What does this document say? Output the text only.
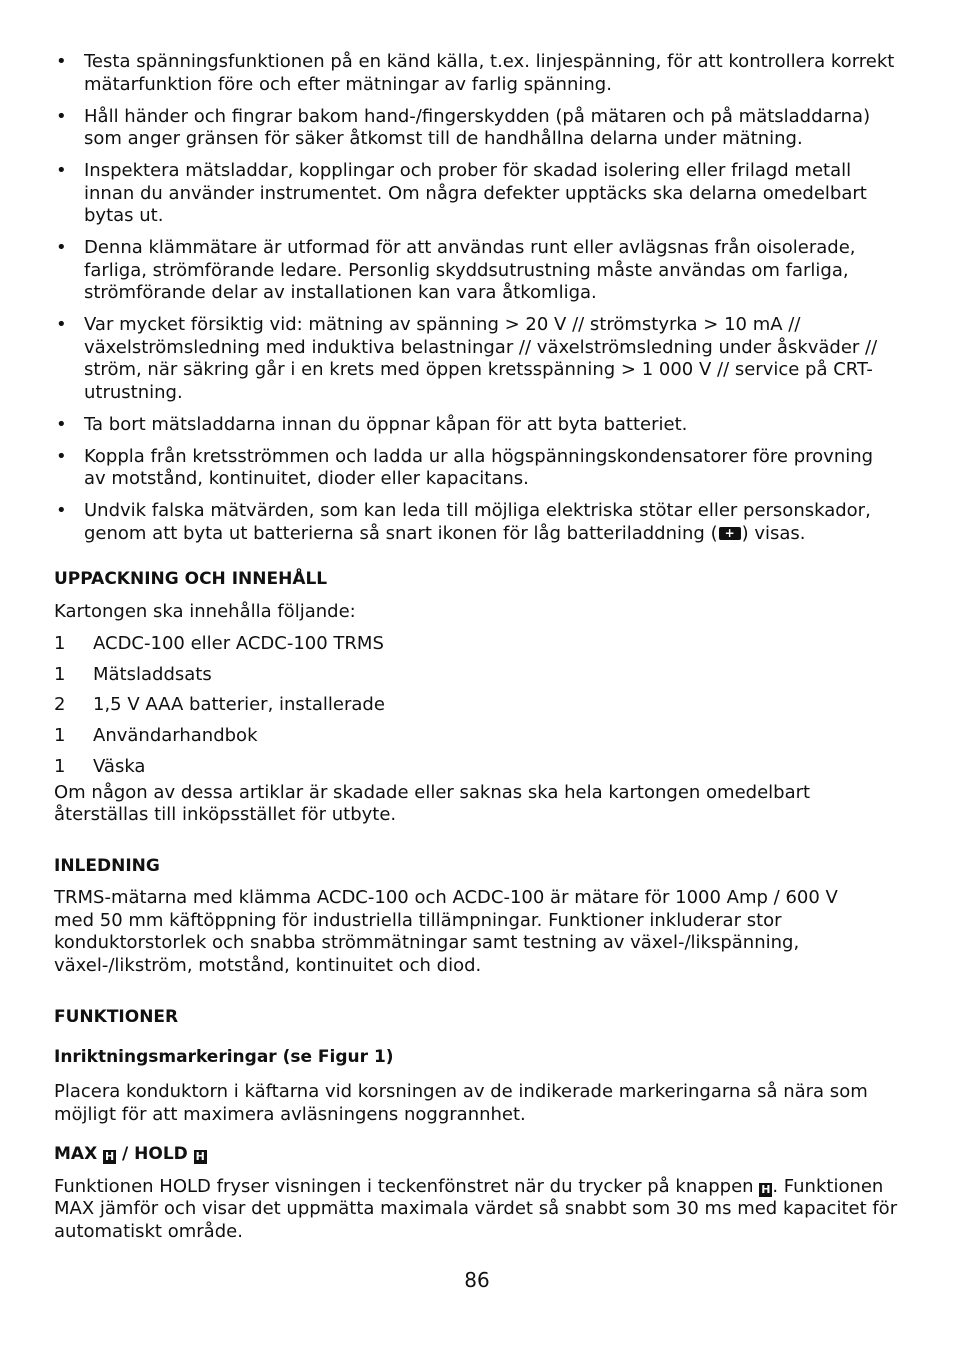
• Testa spänningsfunktionen på en känd källa, t.ex. linjespänning, för att kontrollera korrekt mätarfunktion före och efter mätningar av farlig spänning.
• Håll händer och fingrar bakom hand-/fingerskydden (på mätaren och på mätsladdarna) som anger gränsen för säker åtkomst till de handhållna delarna under mätning.
• Inspektera mätsladdar, kopplingar och prober för skadad isolering eller frilagd metall innan du använder instrumentet. Om några defekter upptäcks ska delarna omedelbart bytas ut.
• Denna klämmätare är utformad för att användas runt eller avlägsnas från oisolerade, farliga, strömförande ledare. Personlig skyddsutrustning måste användas om farliga, strömförande delar av installationen kan vara åtkomliga.
• Var mycket försiktig vid: mätning av spänning > 20 V // strömstyrka > 10 mA // växelströmsledning med induktiva belastningar // växelströmsledning under åskväder // ström, när säkring går i en krets med öppen kretsspänning > 1 000 V // service på CRT-utrustning.
• Ta bort mätsladdarna innan du öppnar kåpan för att byta batteriet.
• Koppla från kretsströmmen och ladda ur alla högspänningskondensatorer före provning av motstånd, kontinuitet, dioder eller kapacitans.
• Undvik falska mätvärden, som kan leda till möjliga elektriska stötar eller personskador, genom att byta ut batterierna så snart ikonen för låg batteriladdning (+ ) visas.

UPPACKNING OCH INNEHÅLL

Kartongen ska innehålla följande:

1	ACDC-100 eller ACDC-100 TRMS
1	Mätsladdsats
2	1,5 V AAA batterier, installerade
1	Användarhandbok
1	Väska

Om någon av dessa artiklar är skadade eller saknas ska hela kartongen omedelbart återställas till inköpsstället för utbyte.

INLEDNING

TRMS-mätarna med klämma ACDC-100 och ACDC-100 är mätare för 1000 Amp / 600 V med 50 mm käftöppning för industriella tillämpningar. Funktioner inkluderar stor konduktorstorlek och snabba strömmätningar samt testning av växel-/likspänning, växel-/likström, motstånd, kontinuitet och diod.

FUNKTIONER

Inriktningsmarkeringar (se Figur 1)

Placera konduktorn i käftarna vid korsningen av de indikerade markeringarna så nära som möjligt för att maximera avläsningens noggrannhet.

MAX H / HOLD H

Funktionen HOLD fryser visningen i teckenfönstret när du trycker på knappen H . Funktionen MAX jämför och visar det uppmätta maximala värdet så snabbt som 30 ms med kapacitet för automatiskt område.

86
